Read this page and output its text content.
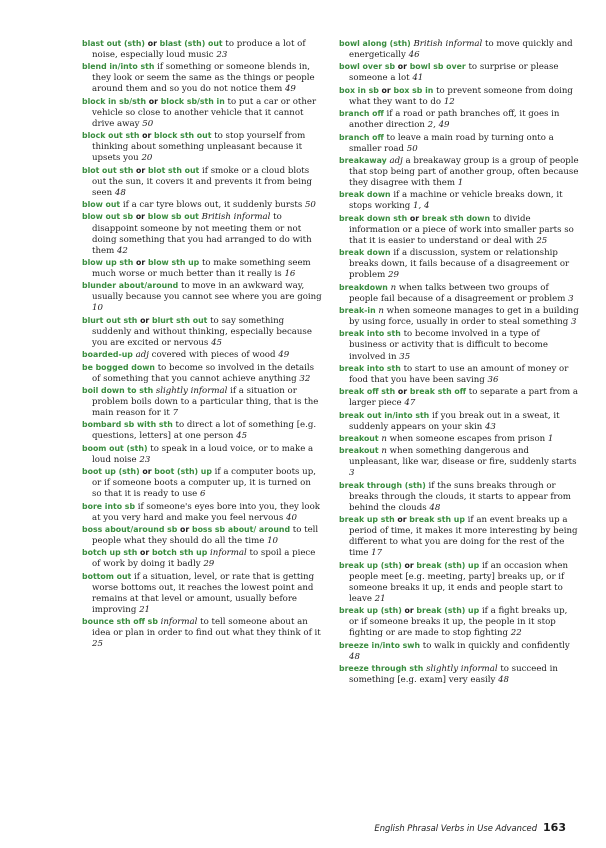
blast out (sth) or blast (sth) out to produce a lot of noise, especially loud music 23

blend in/into sth if something or someone blends in, they look or seem the same as the things or people around them and so you do not notice them 49

block in sb/sth or block sb/sth in to put a car or other vehicle so close to another vehicle that it cannot drive away 50

block out sth or block sth out to stop yourself from thinking about something unpleasant because it upsets you 20

blot out sth or blot sth out if smoke or a cloud blots out the sun, it covers it and prevents it from being seen 48

blow out if a car tyre blows out, it suddenly bursts 50

blow out sb or blow sb out British informal to disappoint someone by not meeting them or not doing something that you had arranged to do with them 42

blow up sth or blow sth up to make something seem much worse or much better than it really is 16

blunder about/around to move in an awkward way, usually because you cannot see where you are going 10

blurt out sth or blurt sth out to say something suddenly and without thinking, especially because you are excited or nervous 45

boarded-up adj covered with pieces of wood 49

be bogged down to become so involved in the details of something that you cannot achieve anything 32

boil down to sth slightly informal if a situation or problem boils down to a particular thing, that is the main reason for it 7

bombard sb with sth to direct a lot of something [e.g. questions, letters] at one person 45

boom out (sth) to speak in a loud voice, or to make a loud noise 23

boot up (sth) or boot (sth) up if a computer boots up, or if someone boots a computer up, it is turned on so that it is ready to use 6

bore into sb if someone's eyes bore into you, they look at you very hard and make you feel nervous 40

boss about/around sb or boss sb about/ around to tell people what they should do all the time 10

botch up sth or botch sth up informal to spoil a piece of work by doing it badly 29

bottom out if a situation, level, or rate that is getting worse bottoms out, it reaches the lowest point and remains at that level or amount, usually before improving 21

bounce sth off sb informal to tell someone about an idea or plan in order to find out what they think of it 25

bowl along (sth) British informal to move quickly and energetically 46

bowl over sb or bowl sb over to surprise or please someone a lot 41

box in sb or box sb in to prevent someone from doing what they want to do 12

branch off if a road or path branches off, it goes in another direction 2, 49

branch off to leave a main road by turning onto a smaller road 50

breakaway adj a breakaway group is a group of people that stop being part of another group, often because they disagree with them 1

break down if a machine or vehicle breaks down, it stops working 1, 4

break down sth or break sth down to divide information or a piece of work into smaller parts so that it is easier to understand or deal with 25

break down if a discussion, system or relationship breaks down, it fails because of a disagreement or problem 29

breakdown n when talks between two groups of people fail because of a disagreement or problem 3

break-in n when someone manages to get in a building by using force, usually in order to steal something 3

break into sth to become involved in a type of business or activity that is difficult to become involved in 35

break into sth to start to use an amount of money or food that you have been saving 36

break off sth or break sth off to separate a part from a larger piece 47

break out in/into sth if you break out in a sweat, it suddenly appears on your skin 43

breakout n when someone escapes from prison 1

breakout n when something dangerous and unpleasant, like war, disease or fire, suddenly starts 3

break through (sth) if the suns breaks through or breaks through the clouds, it starts to appear from behind the clouds 48

break up sth or break sth up if an event breaks up a period of time, it makes it more interesting by being different to what you are doing for the rest of the time 17

break up (sth) or break (sth) up if an occasion when people meet [e.g. meeting, party] breaks up, or if someone breaks it up, it ends and people start to leave 21

break up (sth) or break (sth) up if a fight breaks up, or if someone breaks it up, the people in it stop fighting or are made to stop fighting 22

breeze in/into swh to walk in quickly and confidently 48

breeze through sth slightly informal to succeed in something [e.g. exam] very easily 48

English Phrasal Verbs in Use Advanced 163
